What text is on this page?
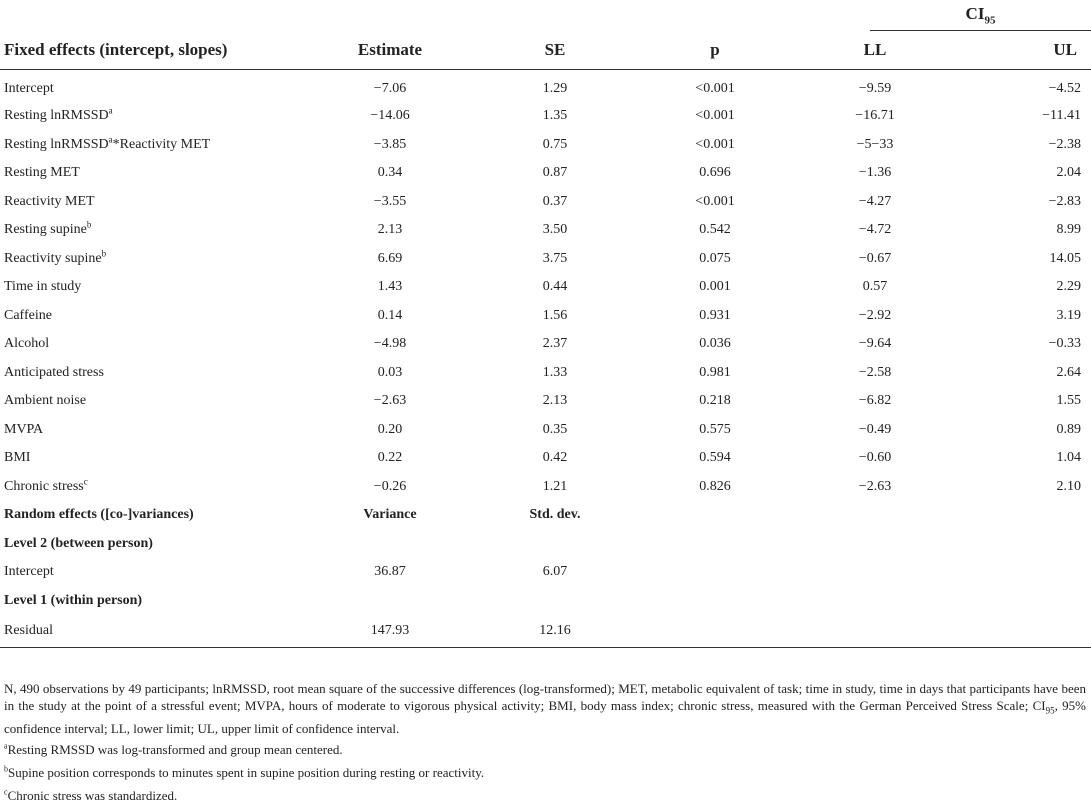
$CI_{95}$
Fixed effects (intercept, slopes)	Estimate	SE	p	LL	UL
Intercept	−7.06	1.29	<0.001	−9.59	−4.52
Resting lnRMSSD$^a$	−14.06	1.35	<0.001	−16.71	−11.41
Resting lnRMSSD$^a$*Reactivity MET	−3.85	0.75	<0.001	−5−33	−2.38
Resting MET	0.34	0.87	0.696	−1.36	2.04
Reactivity MET	−3.55	0.37	<0.001	−4.27	−2.83
Resting supine$^b$	2.13	3.50	0.542	−4.72	8.99
Reactivity supine$^b$	6.69	3.75	0.075	−0.67	14.05
Time in study	1.43	0.44	0.001	0.57	2.29
Caffeine	0.14	1.56	0.931	−2.92	3.19
Alcohol	−4.98	2.37	0.036	−9.64	−0.33
Anticipated stress	0.03	1.33	0.981	−2.58	2.64
Ambient noise	−2.63	2.13	0.218	−6.82	1.55
MVPA	0.20	0.35	0.575	−0.49	0.89
BMI	0.22	0.42	0.594	−0.60	1.04
Chronic stress$^c$	−0.26	1.21	0.826	−2.63	2.10
Random effects ([co-]variances)	Variance	Std. dev.			
Level 2 (between person)					
Intercept	36.87	6.07			
Level 1 (within person)					
Residual	147.93	12.16			

N, 490 observations by 49 participants; lnRMSSD, root mean square of the successive differences (log-transformed); MET, metabolic equivalent of task; time in study, time in days that participants have been in the study at the point of a stressful event; MVPA, hours of moderate to vigorous physical activity; BMI, body mass index; chronic stress, measured with the German Perceived Stress Scale; $CI_{95}$, 95% confidence interval; LL, lower limit; UL, upper limit of confidence interval.

$^a$Resting RMSSD was log-transformed and group mean centered.

$^b$Supine position corresponds to minutes spent in supine position during resting or reactivity.

$^c$Chronic stress was standardized.
